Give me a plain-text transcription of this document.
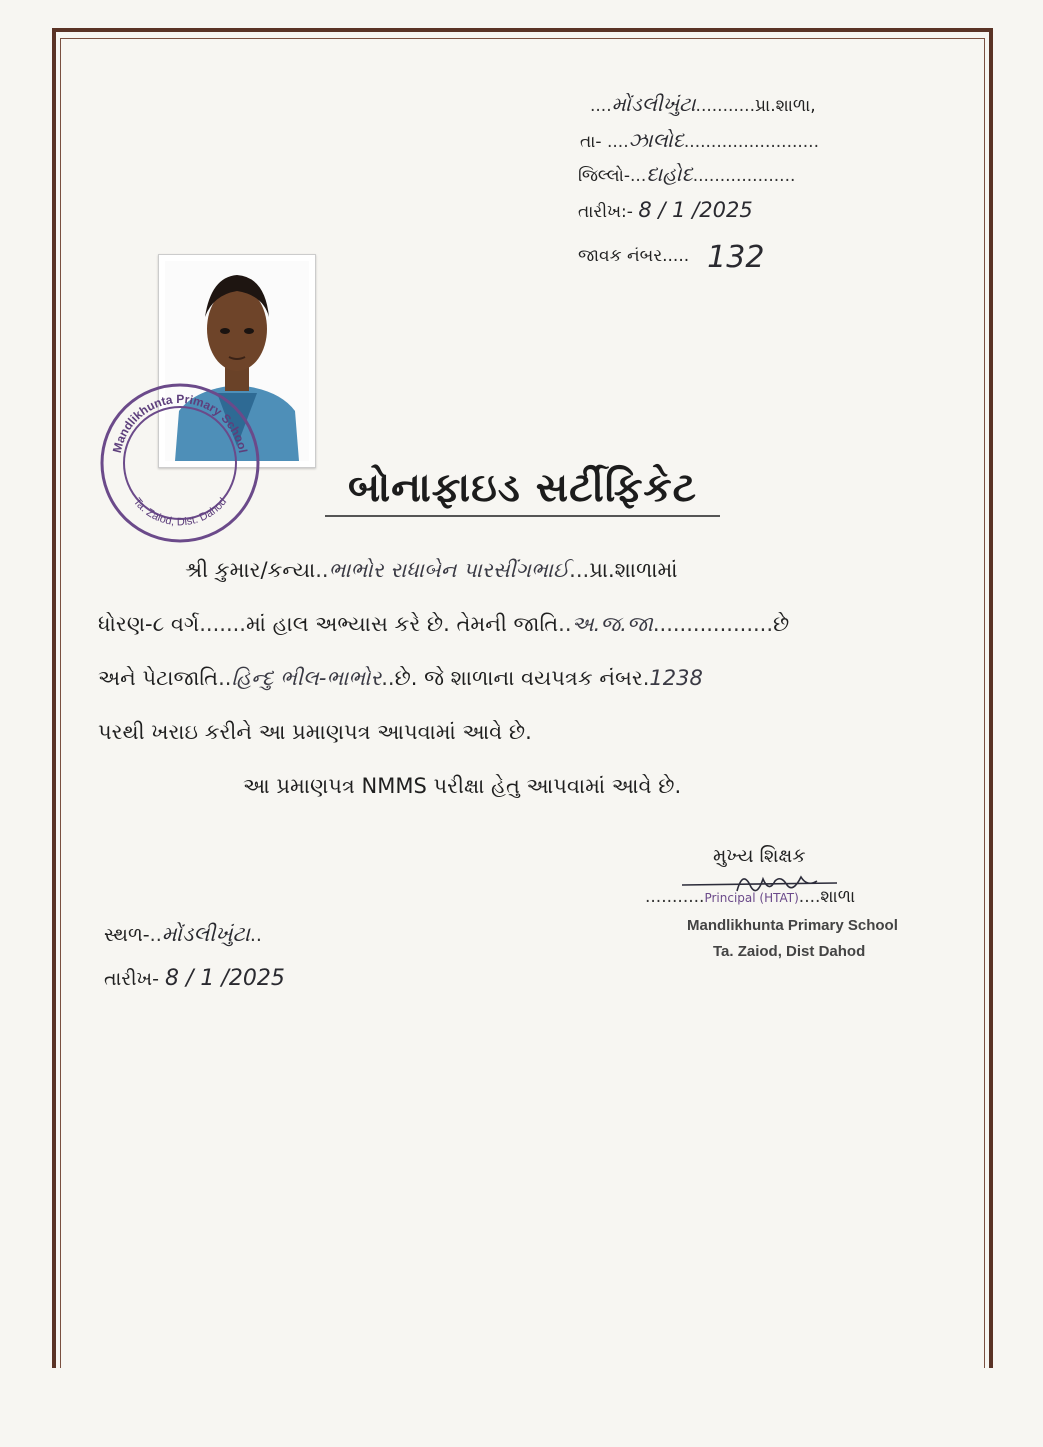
....મોંડલીખુંટા...........પ્રા.શાળા,
તા- ....ઝાલોદ.........................
જિલ્લો-...દાહોદ...................
તારીખ:- 8 / 1 /2025
જાવક નંબર..... 132
Mandlikhunta Primary School
Ta. Zaiod, Dist. Dahod	બોનાફાઇડ સર્ટીફિકેટ
શ્રી કુમાર/કન્યા..ભાભોર રાધાબેન પારસીંગભાઈ...પ્રા.શાળામાં
ધોરણ-૮ વર્ગ.......માં હાલ અભ્યાસ કરે છે. તેમની જાતિ..અ.જ.જા..................છે
અને પેટાજાતિ..હિન્દુ ભીલ-ભાભોર..છે. જે શાળાના વયપત્રક નંબર.1238
પરથી ખરાઇ કરીને આ પ્રમાણપત્ર આપવામાં આવે છે.
આ પ્રમાણપત્ર NMMS પરીક્ષા હેતુ આપવામાં આવે છે.
મુખ્ય શિક્ષક
...........Principal (HTAT)....શાળા
Mandlikhunta Primary School
Ta. Zaiod, Dist Dahod
સ્થળ-..મોંડલીખુંટા..
તારીખ- 8 / 1 /2025
